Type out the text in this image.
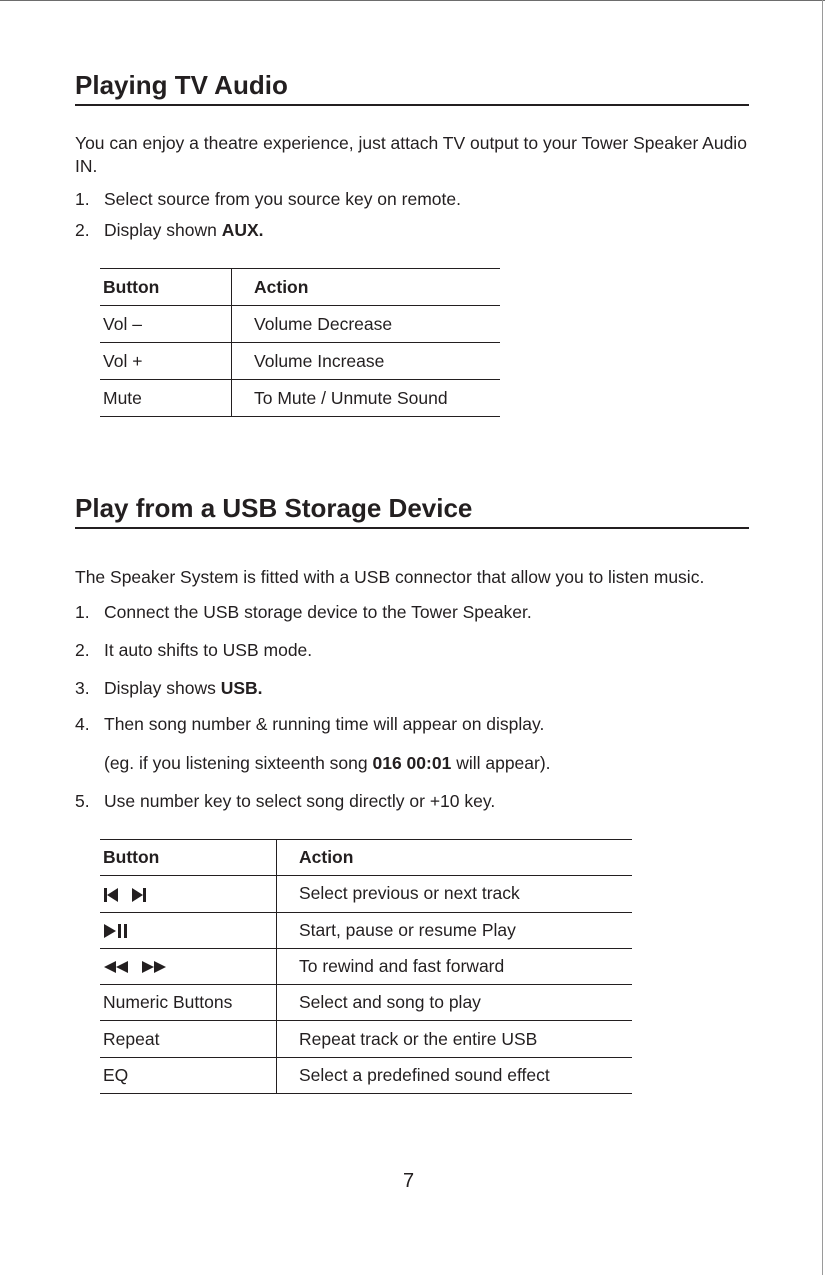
Playing TV Audio

You can enjoy a theatre experience, just attach TV output to your Tower Speaker Audio IN.

1. Select source from you source key on remote.
2. Display shown AUX.
Button	Action
Vol –	Volume Decrease
Vol +	Volume Increase
Mute	To Mute / Unmute Sound
Play from a USB Storage Device

The Speaker System is fitted with a USB connector that allow you to listen music.

1. Connect the USB storage device to the Tower Speaker.
2. It auto shifts to USB mode.
3. Display shows USB.
4. Then song number & running time will appear on display.
(eg. if you listening sixteenth song 016 00:01 will appear).
5. Use number key to select song directly or +10 key.
Button	Action

	Select previous or next track

	Start, pause or resume Play

	To rewind and fast forward
Numeric Buttons	Select and song to play
Repeat	Repeat track or the entire USB
EQ	Select a predefined sound effect
7
